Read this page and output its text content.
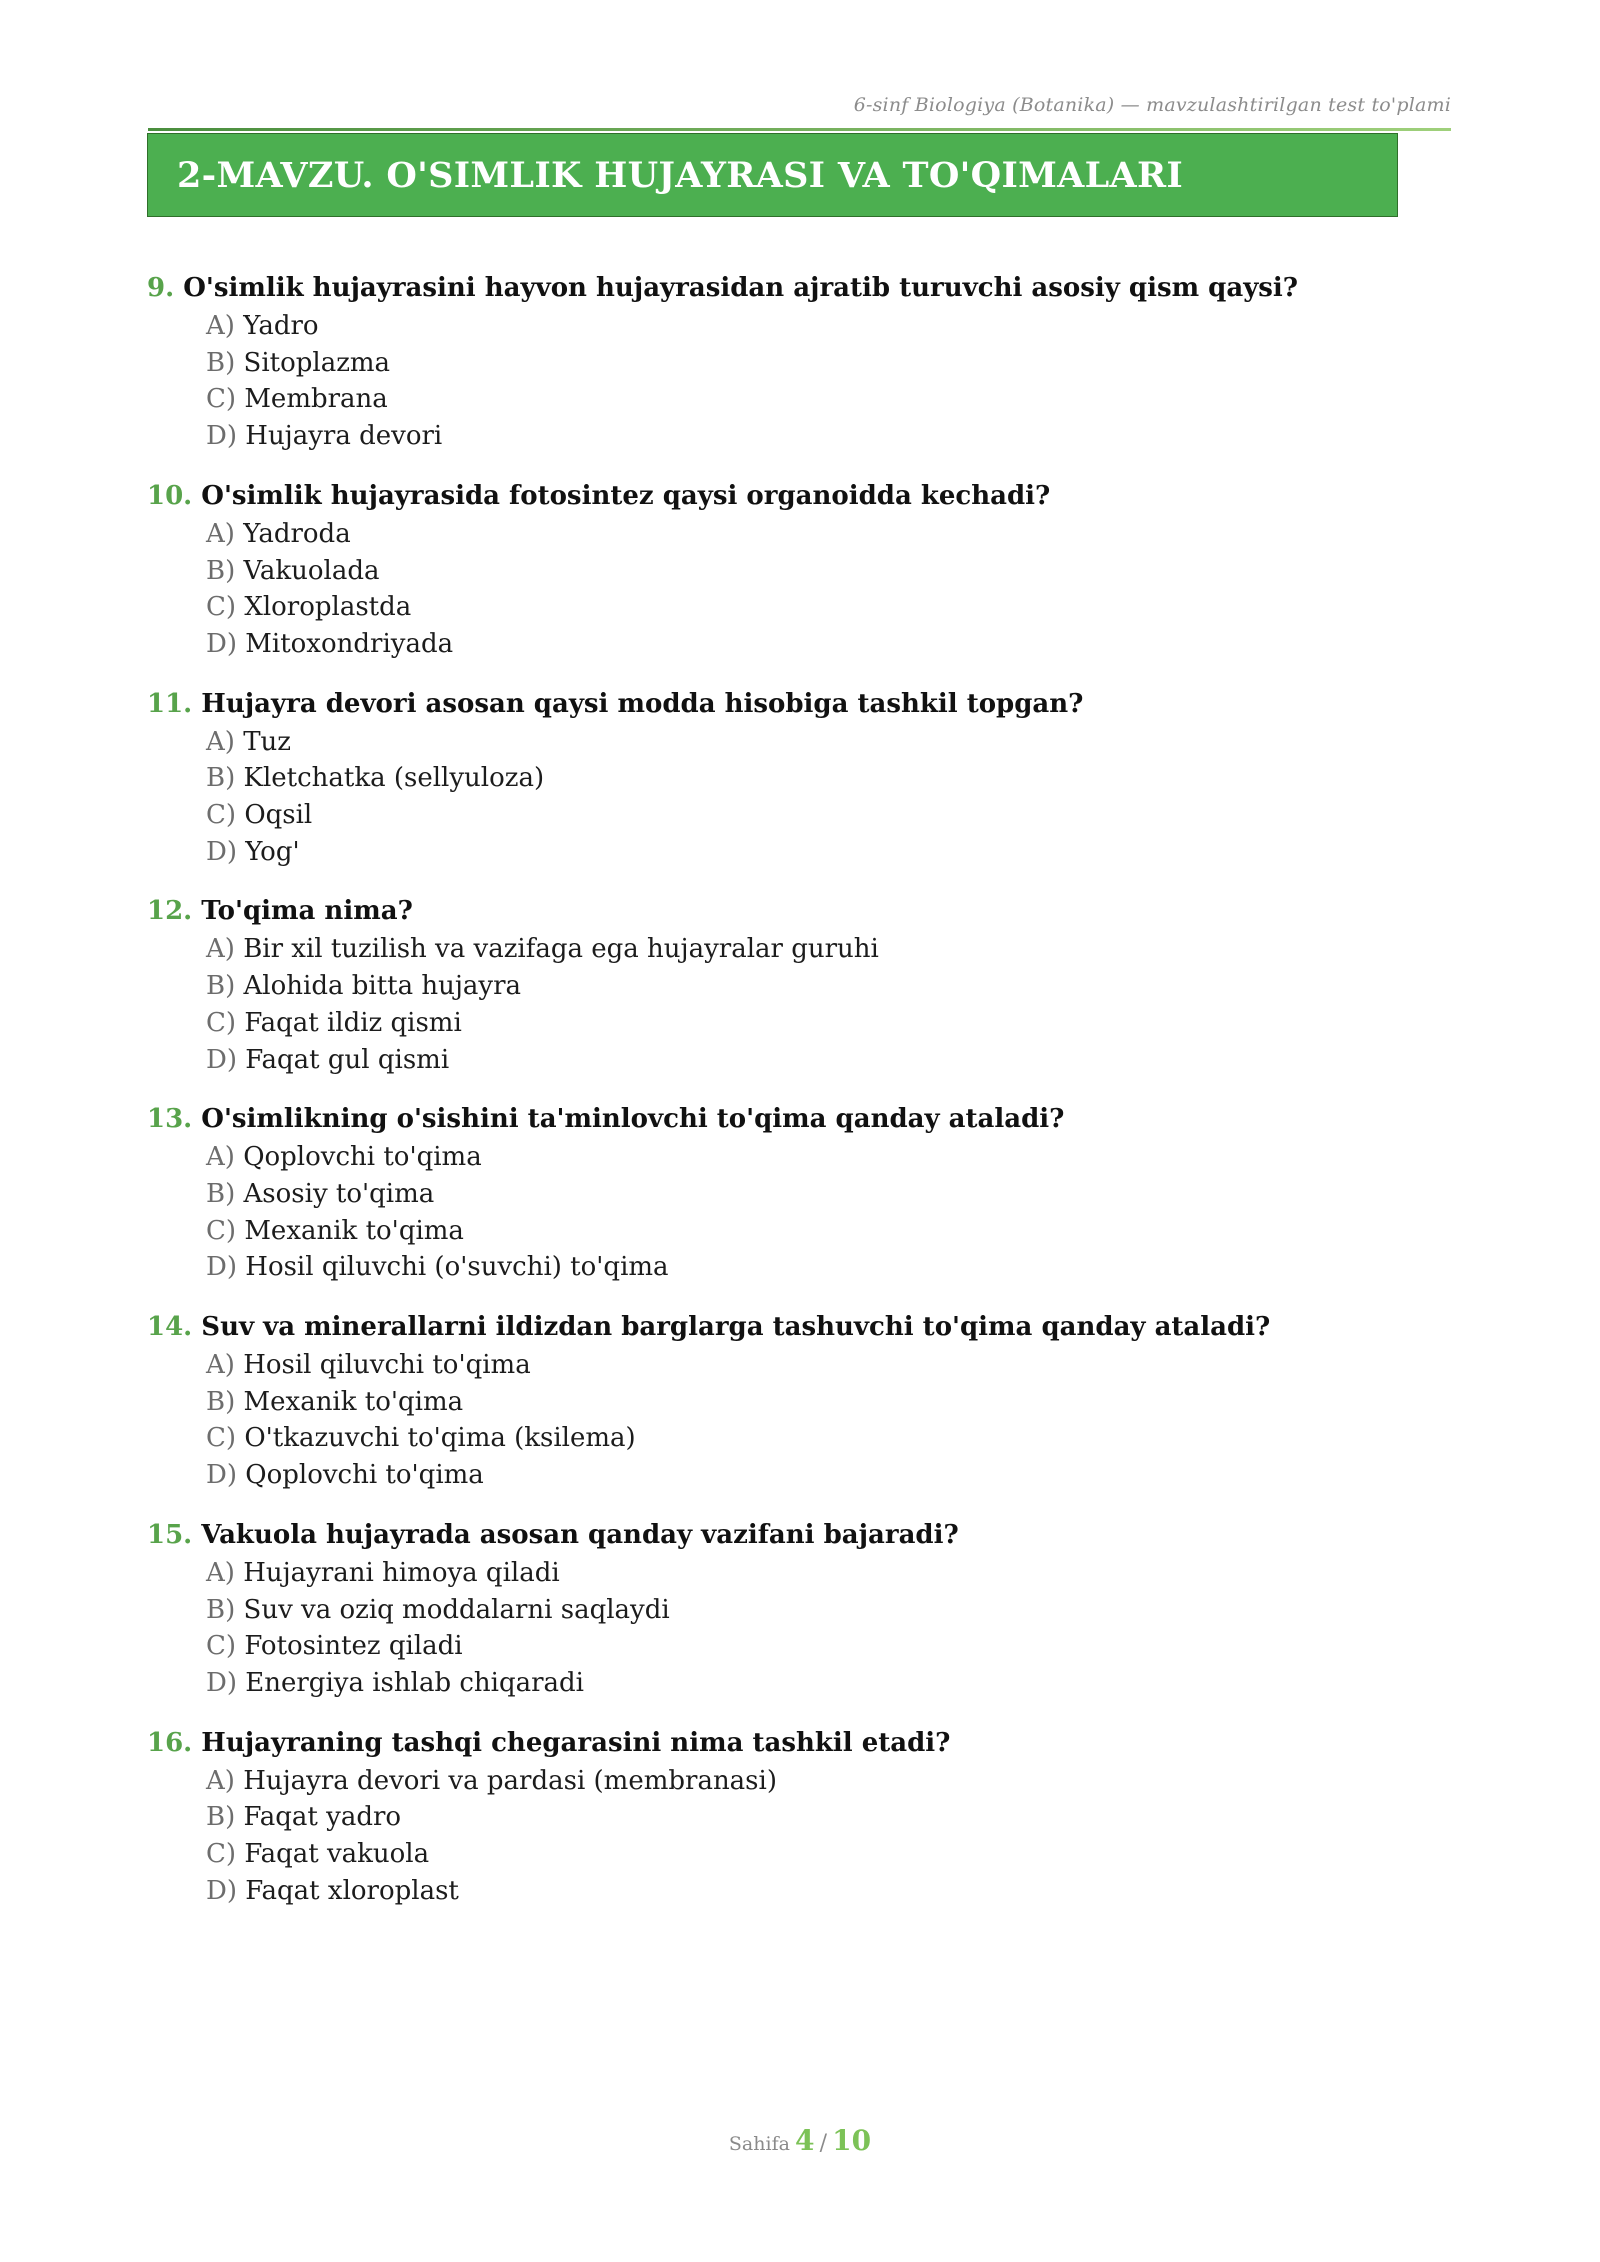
6-sinf Biologiya (Botanika) — mavzulashtirilgan test to'plami
2-MAVZU. O'SIMLIK HUJAYRASI VA TO'QIMALARI
9. O'simlik hujayrasini hayvon hujayrasidan ajratib turuvchi asosiy qism qaysi?
A) Yadro
B) Sitoplazma
C) Membrana
D) Hujayra devori
10. O'simlik hujayrasida fotosintez qaysi organoidda kechadi?
A) Yadroda
B) Vakuolada
C) Xloroplastda
D) Mitoxondriyada
11. Hujayra devori asosan qaysi modda hisobiga tashkil topgan?
A) Tuz
B) Kletchatka (sellyuloza)
C) Oqsil
D) Yog'
12. To'qima nima?
A) Bir xil tuzilish va vazifaga ega hujayralar guruhi
B) Alohida bitta hujayra
C) Faqat ildiz qismi
D) Faqat gul qismi
13. O'simlikning o'sishini ta'minlovchi to'qima qanday ataladi?
A) Qoplovchi to'qima
B) Asosiy to'qima
C) Mexanik to'qima
D) Hosil qiluvchi (o'suvchi) to'qima
14. Suv va minerallarni ildizdan barglarga tashuvchi to'qima qanday ataladi?
A) Hosil qiluvchi to'qima
B) Mexanik to'qima
C) O'tkazuvchi to'qima (ksilema)
D) Qoplovchi to'qima
15. Vakuola hujayrada asosan qanday vazifani bajaradi?
A) Hujayrani himoya qiladi
B) Suv va oziq moddalarni saqlaydi
C) Fotosintez qiladi
D) Energiya ishlab chiqaradi
16. Hujayraning tashqi chegarasini nima tashkil etadi?
A) Hujayra devori va pardasi (membranasi)
B) Faqat yadro
C) Faqat vakuola
D) Faqat xloroplast
Sahifa 4 / 10
